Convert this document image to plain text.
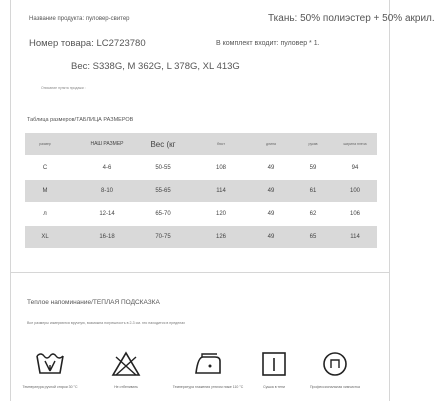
Название продукта: пуловер-свитер	Ткань: 50% полиэстер + 50% акрил.
Номер товара: LC2723780	В комплект входит: пуловер * 1.
Вес: S338G, M 362G, L 378G, XL 413G
Описание пункта продажи :
Таблица размеров/ТАБЛИЦА РАЗМЕРОВ
размер	НАШ РАЗМЕР	Вес (кг	бюст	длина	рукав	ширина плеча
C	4-6	50-55	108	49	59	94
M	8-10	55-65	114	49	61	100
л	12-14	65-70	120	49	62	106
XL	16-18	70-75	126	49	65	114
Теплое напоминание/ТЕПЛАЯ ПОДСКАЗКА
Все размеры измеряются вручную, возможна погрешность в 2-3 см. это находится в пределах
Температура ручной стирки 30 °С	Не отбеливать	Температура глажения утюгом ниже 110 °С	Сушка в тени	Профессиональная химчистка
